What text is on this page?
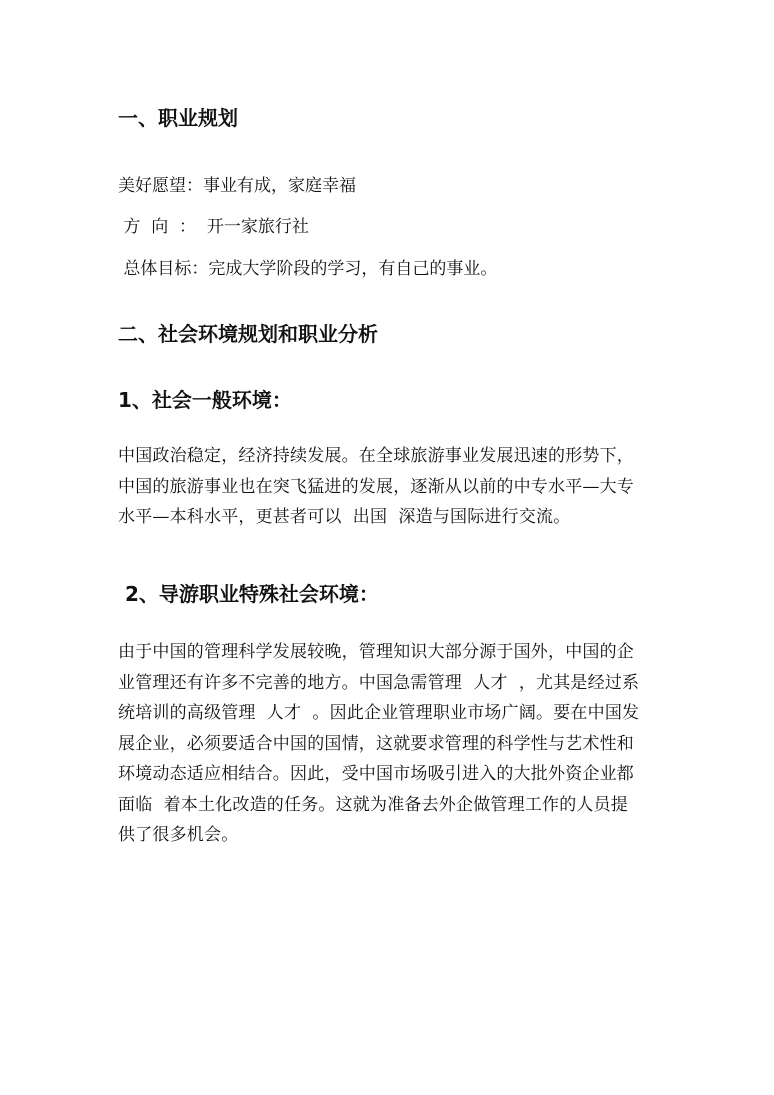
一、职业规划

美好愿望：事业有成，家庭幸福

方  向  ：  开一家旅行社

总体目标：完成大学阶段的学习，有自己的事业。

二、社会环境规划和职业分析
1、社会一般环境：
中国政治稳定，经济持续发展。在全球旅游事业发展迅速的形势下，
中国的旅游事业也在突飞猛进的发展，逐渐从以前的中专水平—大专
水平—本科水平，更甚者可以  出国  深造与国际进行交流。
2、导游职业特殊社会环境：
由于中国的管理科学发展较晚，管理知识大部分源于国外，中国的企
业管理还有许多不完善的地方。中国急需管理  人才  ，尤其是经过系
统培训的高级管理  人才  。因此企业管理职业市场广阔。要在中国发
展企业，必须要适合中国的国情，这就要求管理的科学性与艺术性和
环境动态适应相结合。因此，受中国市场吸引进入的大批外资企业都
面临  着本土化改造的任务。这就为准备去外企做管理工作的人员提
供了很多机会。
